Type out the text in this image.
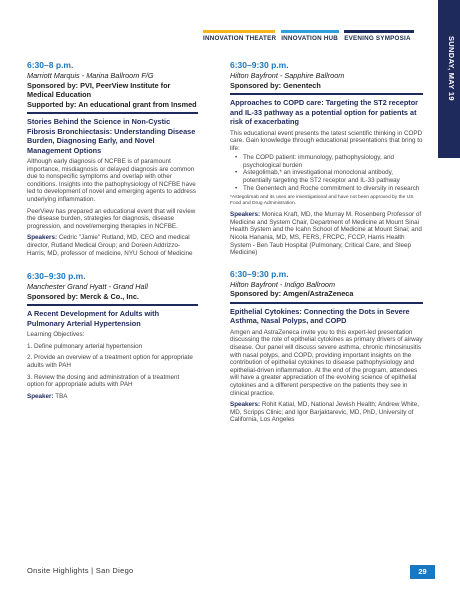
INNOVATION THEATER INNOVATION HUB EVENING SYMPOSIA	SUNDAY, MAY 19
6:30–8 p.m.
Marriott Marquis - Marina Ballroom F/G
Sponsored by: PVI, PeerView Institute for
Medical Education
Supported by: An educational grant from Insmed
Stories Behind the Science in Non-Cystic Fibrosis Bronchiectasis: Understanding Disease Burden, Diagnosing Early, and Novel Management Options

Although early diagnosis of NCFBE is of paramount importance, misdiagnosis or delayed diagnosis are common due to nonspecific symptoms and overlap with other conditions. Insights into the pathophysiology of NCFBE have led to development of novel and emerging agents to address underlying inflammation.

PeerView has prepared an educational event that will review the disease burden, strategies for diagnosis, disease progression, and novel/emerging therapies in NCFBE.

Speakers: Cedric "Jamie" Rutland, MD, CEO and medical director, Rutland Medical Group; and Doreen Addrizzo-Harris, MD, professor of medicine, NYU School of Medicine

6:30–9:30 p.m.
Manchester Grand Hyatt - Grand Hall
Sponsored by: Merck & Co., Inc.
A Recent Development for Adults with Pulmonary Arterial Hypertension

Learning Objectives:

1. Define pulmonary arterial hypertension

2. Provide an overview of a treatment option for appropriate adults with PAH

3. Review the dosing and administration of a treatment option for appropriate adults with PAH

Speaker: TBA

6:30–9:30 p.m.
Hilton Bayfront - Sapphire Ballroom
Sponsored by: Genentech
Approaches to COPD care: Targeting the ST2 receptor and IL-33 pathway as a potential option for patients at risk of exacerbating

This educational event presents the latest scientific thinking in COPD care. Gain knowledge through educational presentations that bring to life:

• The COPD patient: immunology, pathophysiology, and psychological burden
• Astegolimab,* an investigational monoclonal antibody, potentially targeting the ST2 receptor and IL-33 pathway
• The Genentech and Roche commitment to diversity in research

*Astegolimab and its uses are investigational and have not been approved by the US Food and Drug Administration.

Speakers: Monica Kraft, MD, the Murray M. Rosenberg Professor of Medicine and System Chair, Department of Medicine at Mount Sinai Health System and the Icahn School of Medicine at Mount Sinai; and Nicola Hanania, MD, MS, FERS, FRCPC, FCCP, Harris Health System - Ben Taub Hospital (Pulmonary, Critical Care, and Sleep Medicine)

6:30–9:30 p.m.
Hilton Bayfront - Indigo Ballroom
Sponsored by: Amgen/AstraZeneca
Epithelial Cytokines: Connecting the Dots in Severe Asthma, Nasal Polyps, and COPD

Amgen and AstraZeneca invite you to this expert-led presentation discussing the role of epithelial cytokines as primary drivers of airway disease. Our panel will discuss severe asthma, chronic rhinosinusitis with nasal polyps, and COPD, providing important insights on the contribution of epithelial cytokines to disease pathophysiology and epithelial-driven inflammation. At the end of the program, attendees will have a greater appreciation of the evolving science of epithelial cytokines and a different perspective on the patients they see in clinical practice.

Speakers: Rohit Katial, MD, National Jewish Health; Andrew White, MD, Scripps Clinic; and Igor Barjaktarevic, MD, PhD, University of California, Los Angeles

Onsite Highlights | San Diego	29
